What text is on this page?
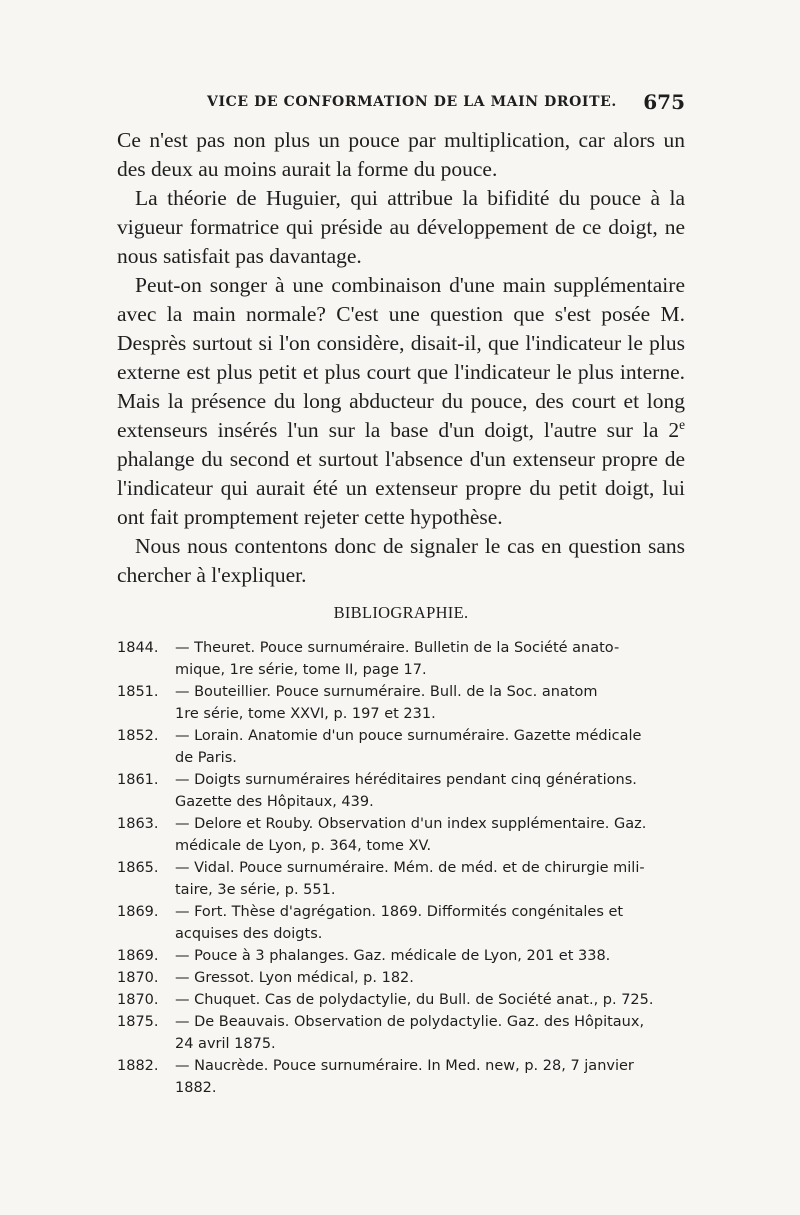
VICE DE CONFORMATION DE LA MAIN DROITE. 675

Ce n'est pas non plus un pouce par multiplication, car alors un des deux au moins aurait la forme du pouce.

La théorie de Huguier, qui attribue la bifidité du pouce à la vigueur formatrice qui préside au développement de ce doigt, ne nous satisfait pas davantage.

Peut-on songer à une combinaison d'une main supplémentaire avec la main normale? C'est une question que s'est posée M. Desprès surtout si l'on considère, disait-il, que l'indicateur le plus externe est plus petit et plus court que l'indicateur le plus interne. Mais la présence du long abducteur du pouce, des court et long extenseurs insérés l'un sur la base d'un doigt, l'autre sur la 2e phalange du second et surtout l'absence d'un extenseur propre de l'indicateur qui aurait été un extenseur propre du petit doigt, lui ont fait promptement rejeter cette hypothèse.

Nous nous contentons donc de signaler le cas en question sans chercher à l'expliquer.

BIBLIOGRAPHIE.
1844.	— Theuret. Pouce surnuméraire. Bulletin de la Société anato-
mique, 1re série, tome II, page 17.
1851.	— Bouteillier. Pouce surnuméraire. Bull. de la Soc. anatom
1re série, tome XXVI, p. 197 et 231.
1852.	— Lorain. Anatomie d'un pouce surnuméraire. Gazette médicale
de Paris.
1861.	— Doigts surnuméraires héréditaires pendant cinq générations.
Gazette des Hôpitaux, 439.
1863.	— Delore et Rouby. Observation d'un index supplémentaire. Gaz.
médicale de Lyon, p. 364, tome XV.
1865.	— Vidal. Pouce surnuméraire. Mém. de méd. et de chirurgie mili-
taire, 3e série, p. 551.
1869.	— Fort. Thèse d'agrégation. 1869. Difformités congénitales et
acquises des doigts.
1869.	— Pouce à 3 phalanges. Gaz. médicale de Lyon, 201 et 338.
1870.	— Gressot. Lyon médical, p. 182.
1870.	— Chuquet. Cas de polydactylie, du Bull. de Société anat., p. 725.
1875.	— De Beauvais. Observation de polydactylie. Gaz. des Hôpitaux,
24 avril 1875.
1882.	— Naucrède. Pouce surnuméraire. In Med. new, p. 28, 7 janvier
1882.
